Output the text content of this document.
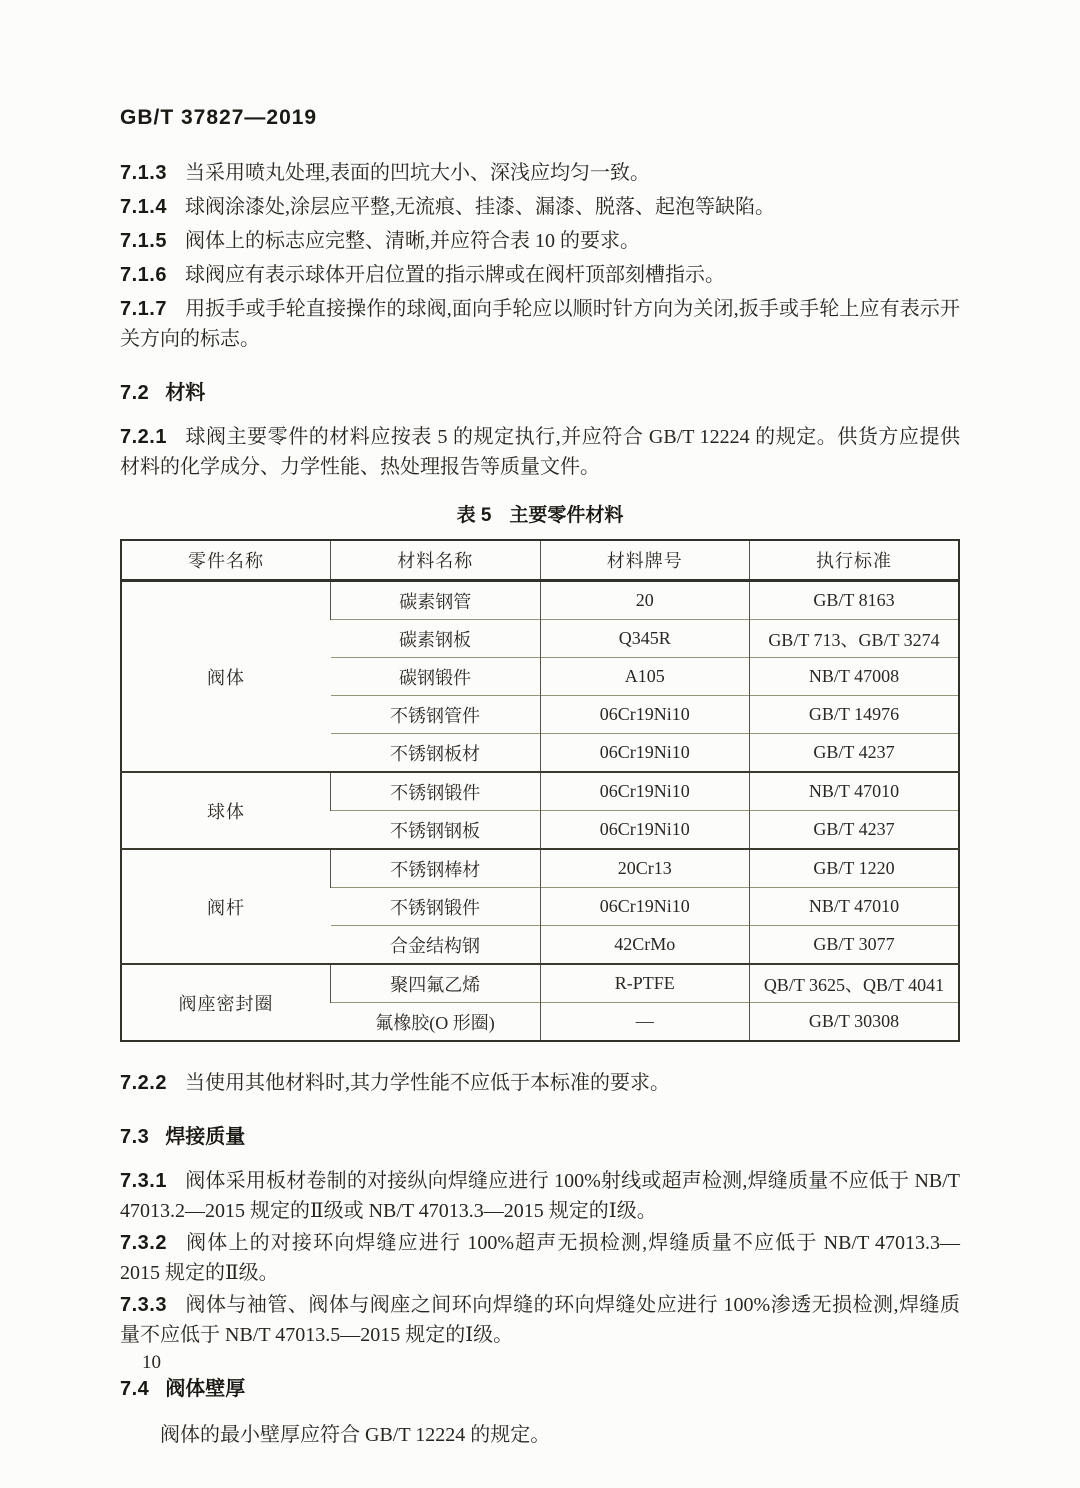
GB/T 37827—2019

7.1.3 当采用喷丸处理,表面的凹坑大小、深浅应均匀一致。

7.1.4 球阀涂漆处,涂层应平整,无流痕、挂漆、漏漆、脱落、起泡等缺陷。

7.1.5 阀体上的标志应完整、清晰,并应符合表 10 的要求。

7.1.6 球阀应有表示球体开启位置的指示牌或在阀杆顶部刻槽指示。

7.1.7 用扳手或手轮直接操作的球阀,面向手轮应以顺时针方向为关闭,扳手或手轮上应有表示开关方向的标志。

7.2 材料

7.2.1 球阀主要零件的材料应按表 5 的规定执行,并应符合 GB/T 12224 的规定。供货方应提供材料的化学成分、力学性能、热处理报告等质量文件。

表 5 主要零件材料
零件名称	材料名称	材料牌号	执行标准
阀体	碳素钢管	20	GB/T 8163
	碳素钢板	Q345R	GB/T 713、GB/T 3274
	碳钢锻件	A105	NB/T 47008
	不锈钢管件	06Cr19Ni10	GB/T 14976
	不锈钢板材	06Cr19Ni10	GB/T 4237
球体	不锈钢锻件	06Cr19Ni10	NB/T 47010
	不锈钢钢板	06Cr19Ni10	GB/T 4237
阀杆	不锈钢棒材	20Cr13	GB/T 1220
	不锈钢锻件	06Cr19Ni10	NB/T 47010
	合金结构钢	42CrMo	GB/T 3077
阀座密封圈	聚四氟乙烯	R-PTFE	QB/T 3625、QB/T 4041
	氟橡胶(O 形圈)	—	GB/T 30308

7.2.2 当使用其他材料时,其力学性能不应低于本标准的要求。

7.3 焊接质量

7.3.1 阀体采用板材卷制的对接纵向焊缝应进行 100%射线或超声检测,焊缝质量不应低于 NB/T 47013.2—2015 规定的Ⅱ级或 NB/T 47013.3—2015 规定的Ⅰ级。

7.3.2 阀体上的对接环向焊缝应进行 100%超声无损检测,焊缝质量不应低于 NB/T 47013.3—2015 规定的Ⅱ级。

7.3.3 阀体与袖管、阀体与阀座之间环向焊缝的环向焊缝处应进行 100%渗透无损检测,焊缝质量不应低于 NB/T 47013.5—2015 规定的Ⅰ级。

7.4 阀体壁厚

阀体的最小壁厚应符合 GB/T 12224 的规定。

10
